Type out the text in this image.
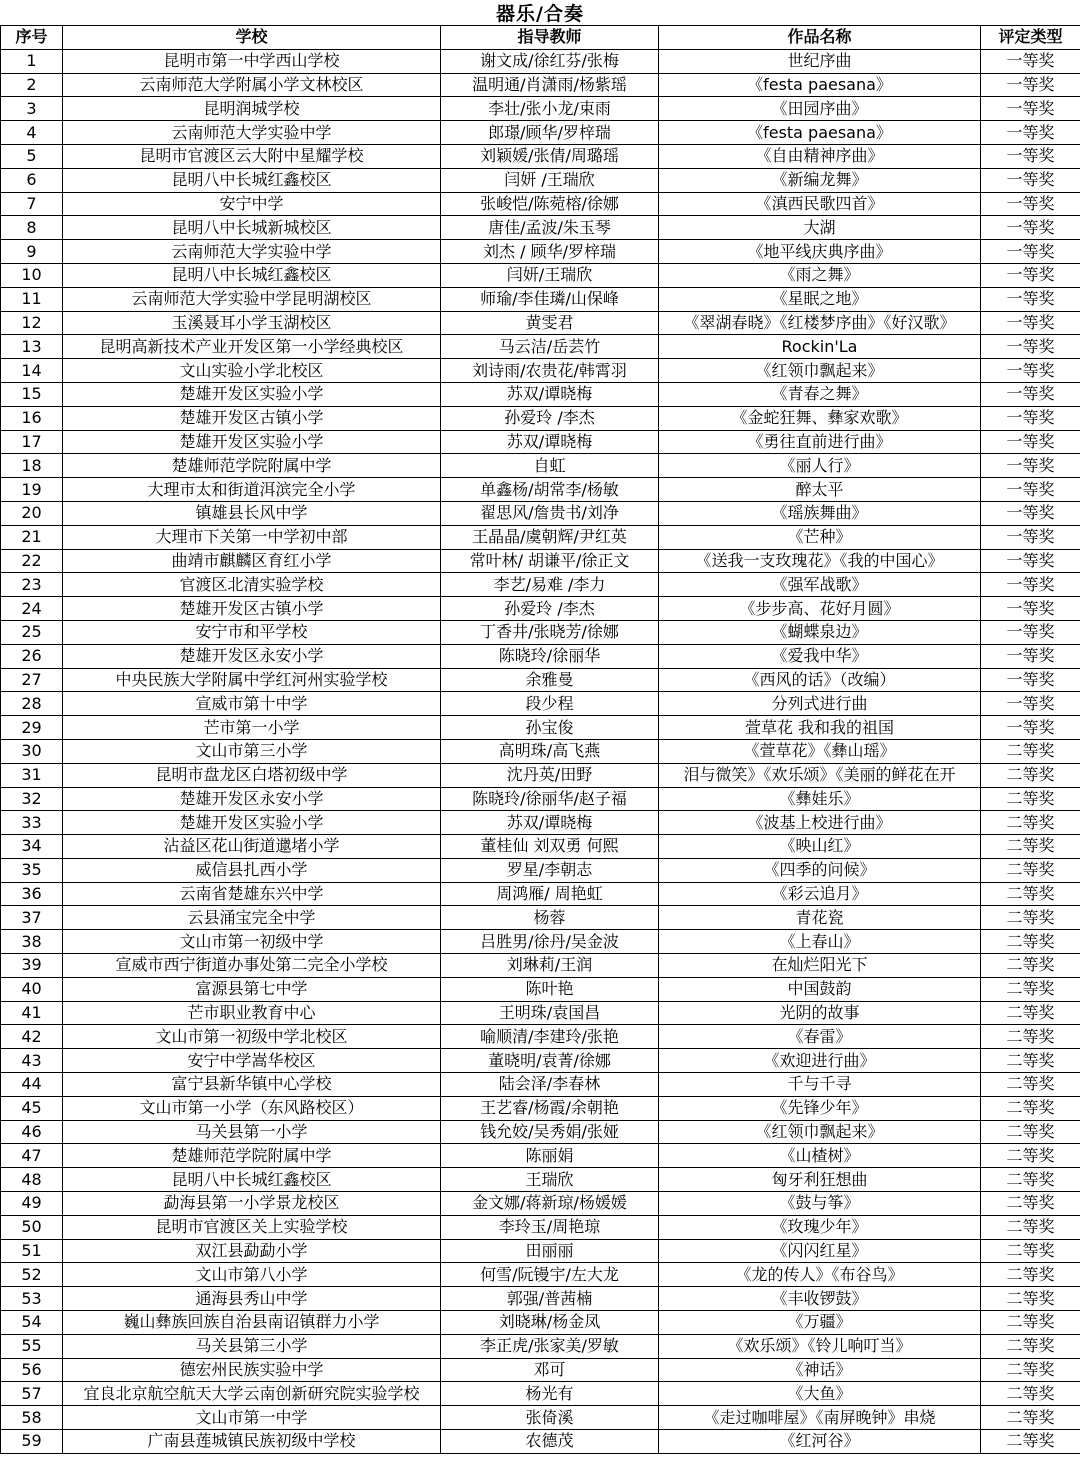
器乐/合奏
序号	学校	指导教师	作品名称	评定类型
1	昆明市第一中学西山学校	谢文成/徐红芬/张梅	世纪序曲	一等奖
2	云南师范大学附属小学文林校区	温明通/肖潇雨/杨紫瑶	《festa paesana》	一等奖
3	昆明润城学校	李壮/张小龙/束雨	《田园序曲》	一等奖
4	云南师范大学实验中学	郎璟/顾华/罗梓瑞	《festa paesana》	一等奖
5	昆明市官渡区云大附中星耀学校	刘颖媛/张倩/周璐瑶	《自由精神序曲》	一等奖
6	昆明八中长城红鑫校区	闫妍 /王瑞欣	《新编龙舞》	一等奖
7	安宁中学	张峻恺/陈菀榕/徐娜	《滇西民歌四首》	一等奖
8	昆明八中长城新城校区	唐佳/孟波/朱玉琴	大湖	一等奖
9	云南师范大学实验中学	刘杰 / 顾华/罗梓瑞	《地平线庆典序曲》	一等奖
10	昆明八中长城红鑫校区	闫妍/王瑞欣	《雨之舞》	一等奖
11	云南师范大学实验中学昆明湖校区	师瑜/李佳璘/山保峰	《星眠之地》	一等奖
12	玉溪聂耳小学玉湖校区	黄雯君	《翠湖春晓》《红楼梦序曲》《好汉歌》	一等奖
13	昆明高新技术产业开发区第一小学经典校区	马云洁/岳芸竹	Rockin'La	一等奖
14	文山实验小学北校区	刘诗雨/农贵花/韩霄羽	《红领巾飘起来》	一等奖
15	楚雄开发区实验小学	苏双/谭晓梅	《青春之舞》	一等奖
16	楚雄开发区古镇小学	孙爱玲 /李杰	《金蛇狂舞、彝家欢歌》	一等奖
17	楚雄开发区实验小学	苏双/谭晓梅	《勇往直前进行曲》	一等奖
18	楚雄师范学院附属中学	自虹	《丽人行》	一等奖
19	大理市太和街道洱滨完全小学	单鑫杨/胡常李/杨敏	醉太平	一等奖
20	镇雄县长风中学	翟思风/詹贵书/刘净	《瑶族舞曲》	一等奖
21	大理市下关第一中学初中部	王晶晶/虞朝辉/尹红英	《芒种》	一等奖
22	曲靖市麒麟区育红小学	常叶林/ 胡谦平/徐正文	《送我一支玫瑰花》《我的中国心》	一等奖
23	官渡区北清实验学校	李艺/易难 /李力	《强军战歌》	一等奖
24	楚雄开发区古镇小学	孙爱玲 /李杰	《步步高、花好月圆》	一等奖
25	安宁市和平学校	丁香井/张晓芳/徐娜	《蝴蝶泉边》	一等奖
26	楚雄开发区永安小学	陈晓玲/徐丽华	《爱我中华》	一等奖
27	中央民族大学附属中学红河州实验学校	余雅曼	《西风的话》（改编）	一等奖
28	宣威市第十中学	段少程	分列式进行曲	一等奖
29	芒市第一小学	孙宝俊	萱草花 我和我的祖国	一等奖
30	文山市第三小学	高明珠/高飞燕	《萱草花》《彝山瑶》	二等奖
31	昆明市盘龙区白塔初级中学	沈丹英/田野	泪与微笑》《欢乐颂》《美丽的鲜花在开	二等奖
32	楚雄开发区永安小学	陈晓玲/徐丽华/赵子福	《彝娃乐》	二等奖
33	楚雄开发区实验小学	苏双/谭晓梅	《波基上校进行曲》	二等奖
34	沾益区花山街道邋堵小学	董桂仙 刘双勇 何熙	《映山红》	二等奖
35	威信县扎西小学	罗星/李朝志	《四季的问候》	二等奖
36	云南省楚雄东兴中学	周鸿雁/ 周艳虹	《彩云追月》	二等奖
37	云县涌宝完全中学	杨蓉	青花瓷	二等奖
38	文山市第一初级中学	吕胜男/徐丹/吴金波	《上春山》	二等奖
39	宣威市西宁街道办事处第二完全小学校	刘琳莉/王润	在灿烂阳光下	二等奖
40	富源县第七中学	陈叶艳	中国鼓韵	二等奖
41	芒市职业教育中心	王明珠/袁国昌	光阴的故事	二等奖
42	文山市第一初级中学北校区	喻顺清/李建玲/张艳	《春雷》	二等奖
43	安宁中学嵩华校区	董晓明/袁菁/徐娜	《欢迎进行曲》	二等奖
44	富宁县新华镇中心学校	陆会泽/李春林	千与千寻	二等奖
45	文山市第一小学（东风路校区）	王艺睿/杨霞/余朝艳	《先锋少年》	二等奖
46	马关县第一小学	钱允姣/吴秀娟/张娅	《红领巾飘起来》	二等奖
47	楚雄师范学院附属中学	陈丽娟	《山楂树》	二等奖
48	昆明八中长城红鑫校区	王瑞欣	匈牙利狂想曲	二等奖
49	勐海县第一小学景龙校区	金文娜/蒋新琼/杨媛媛	《鼓与筝》	二等奖
50	昆明市官渡区关上实验学校	李玲玉/周艳琼	《玫瑰少年》	二等奖
51	双江县勐勐小学	田丽丽	《闪闪红星》	二等奖
52	文山市第八小学	何雪/阮镘宇/左大龙	《龙的传人》《布谷鸟》	二等奖
53	通海县秀山中学	郭强/普茜楠	《丰收锣鼓》	二等奖
54	巍山彝族回族自治县南诏镇群力小学	刘晓琳/杨金凤	《万疆》	二等奖
55	马关县第三小学	李正虎/张家美/罗敏	《欢乐颂》《铃儿响叮当》	二等奖
56	德宏州民族实验中学	邓可	《神话》	二等奖
57	宜良北京航空航天大学云南创新研究院实验学校	杨光有	《大鱼》	二等奖
58	文山市第一中学	张倚溪	《走过咖啡屋》《南屏晚钟》串烧	二等奖
59	广南县莲城镇民族初级中学校	农德茂	《红河谷》	二等奖
